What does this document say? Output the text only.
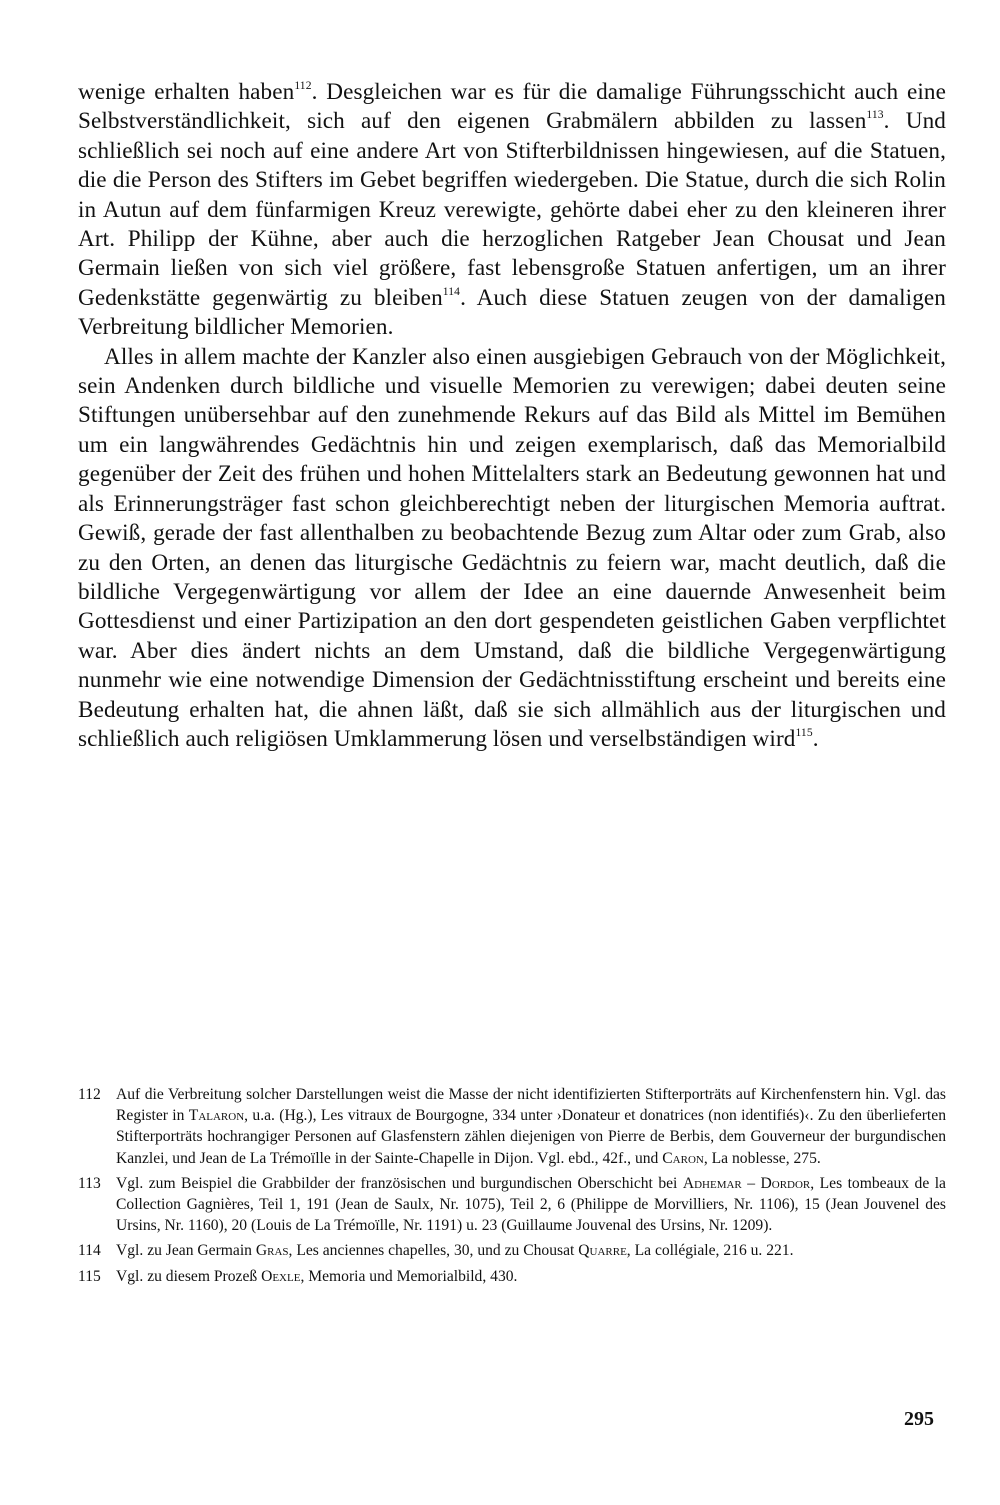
wenige erhalten haben$^{112}$. Desgleichen war es für die damalige Führungsschicht auch eine Selbstverständlichkeit, sich auf den eigenen Grabmälern abbilden zu lassen$^{113}$. Und schließlich sei noch auf eine andere Art von Stifterbildnissen hingewiesen, auf die Statuen, die die Person des Stifters im Gebet begriffen wiedergeben. Die Statue, durch die sich Rolin in Autun auf dem fünfarmigen Kreuz verewigte, gehörte dabei eher zu den kleineren ihrer Art. Philipp der Kühne, aber auch die herzoglichen Ratgeber Jean Chousat und Jean Germain ließen von sich viel größere, fast lebensgroße Statuen anfertigen, um an ihrer Gedenkstätte gegenwärtig zu bleiben$^{114}$. Auch diese Statuen zeugen von der damaligen Verbreitung bildlicher Memorien.

Alles in allem machte der Kanzler also einen ausgiebigen Gebrauch von der Möglichkeit, sein Andenken durch bildliche und visuelle Memorien zu verewigen; dabei deuten seine Stiftungen unübersehbar auf den zunehmende Rekurs auf das Bild als Mittel im Bemühen um ein langwährendes Gedächtnis hin und zeigen exemplarisch, daß das Memorialbild gegenüber der Zeit des frühen und hohen Mittelalters stark an Bedeutung gewonnen hat und als Erinnerungsträger fast schon gleichberechtigt neben der liturgischen Memoria auftrat. Gewiß, gerade der fast allenthalben zu beobachtende Bezug zum Altar oder zum Grab, also zu den Orten, an denen das liturgische Gedächtnis zu feiern war, macht deutlich, daß die bildliche Vergegenwärtigung vor allem der Idee an eine dauernde Anwesenheit beim Gottesdienst und einer Partizipation an den dort gespendeten geistlichen Gaben verpflichtet war. Aber dies ändert nichts an dem Umstand, daß die bildliche Vergegenwärtigung nunmehr wie eine notwendige Dimension der Gedächtnisstiftung erscheint und bereits eine Bedeutung erhalten hat, die ahnen läßt, daß sie sich allmählich aus der liturgischen und schließlich auch religiösen Umklammerung lösen und verselbständigen wird$^{115}$.

112 Auf die Verbreitung solcher Darstellungen weist die Masse der nicht identifizierten Stifterporträts auf Kirchenfenstern hin. Vgl. das Register in Talaron, u.a. (Hg.), Les vitraux de Bourgogne, 334 unter ›Donateur et donatrices (non identifiés)‹. Zu den überlieferten Stifterporträts hochrangiger Personen auf Glasfenstern zählen diejenigen von Pierre de Berbis, dem Gouverneur der burgundischen Kanzlei, und Jean de La Trémoïlle in der Sainte-Chapelle in Dijon. Vgl. ebd., 42f., und Caron, La noblesse, 275.
113 Vgl. zum Beispiel die Grabbilder der französischen und burgundischen Oberschicht bei Adhemar – Dordor, Les tombeaux de la Collection Gagnières, Teil 1, 191 (Jean de Saulx, Nr. 1075), Teil 2, 6 (Philippe de Morvilliers, Nr. 1106), 15 (Jean Jouvenel des Ursins, Nr. 1160), 20 (Louis de La Trémoïlle, Nr. 1191) u. 23 (Guillaume Jouvenal des Ursins, Nr. 1209).
114 Vgl. zu Jean Germain Gras, Les anciennes chapelles, 30, und zu Chousat Quarre, La collégiale, 216 u. 221.
115 Vgl. zu diesem Prozeß Oexle, Memoria und Memorialbild, 430.
295
